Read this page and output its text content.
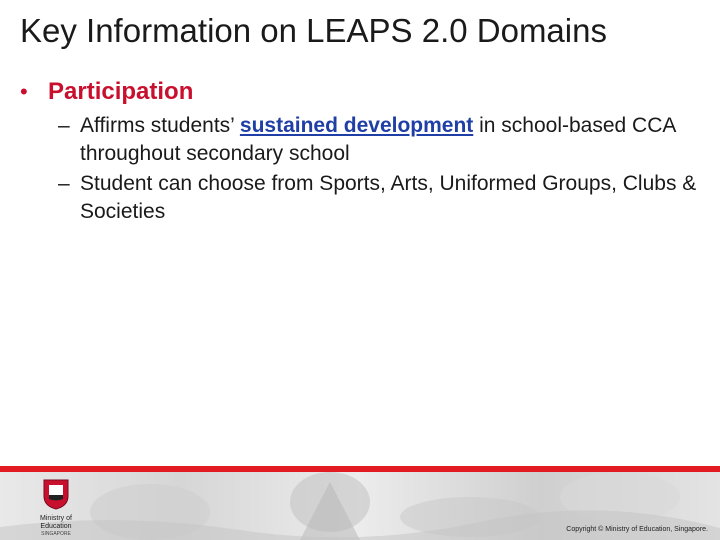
Key Information on LEAPS 2.0 Domains
• Participation
– Affirms students’ sustained development in school-based CCA throughout secondary school
– Student can choose from Sports, Arts, Uniformed Groups, Clubs & Societies
Ministry of Education
SINGAPORE
Copyright © Ministry of Education, Singapore.
